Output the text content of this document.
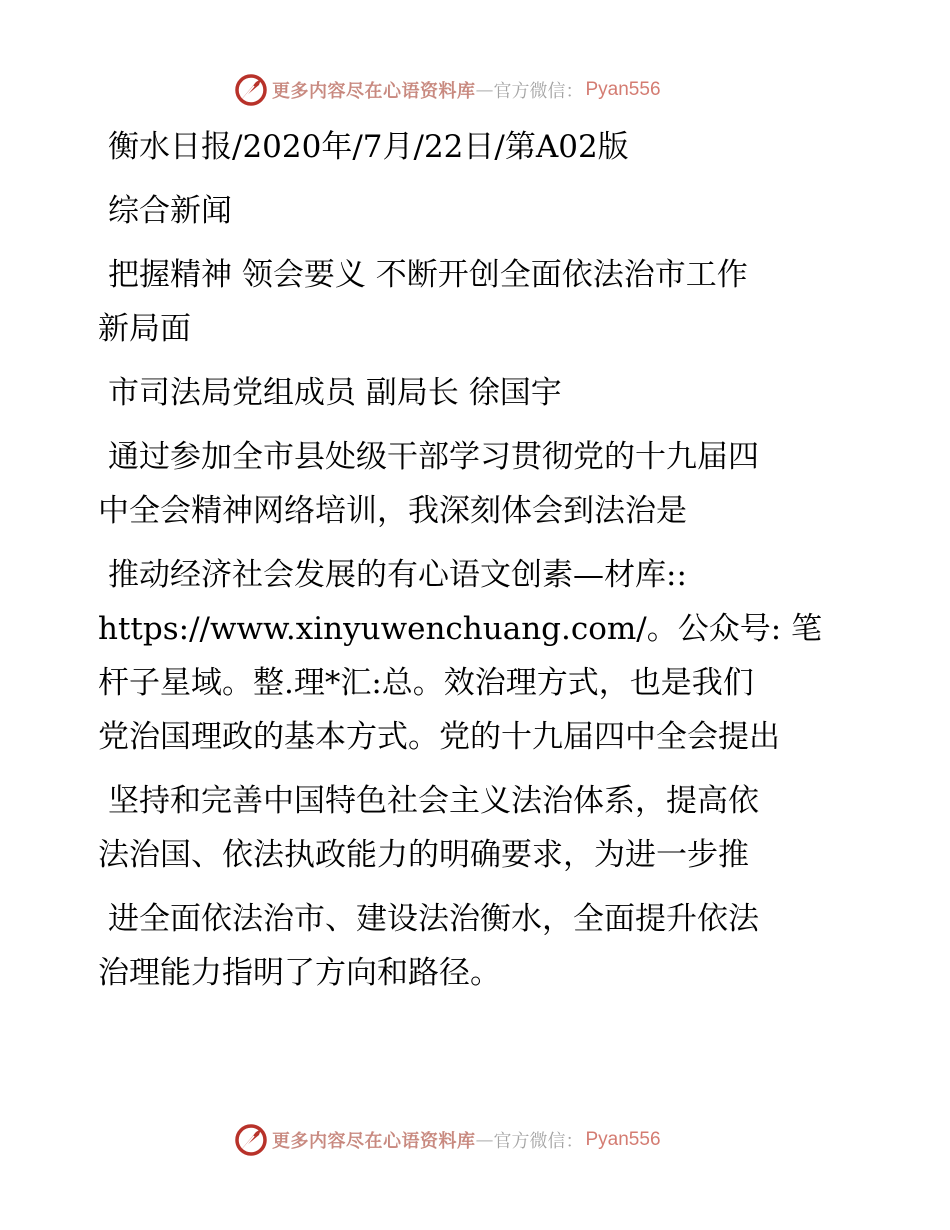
更多内容尽在心语资料库 — 官方微信： Pyan556
衡水日报/2020年/7月/22日/第A02版
综合新闻
把握精神 领会要义 不断开创全面依法治市工作
新局面
市司法局党组成员 副局长 徐国宇
通过参加全市县处级干部学习贯彻党的十九届四
中全会精神网络培训，我深刻体会到法治是
推动经济社会发展的有心语文创素—材库::
https://www.xinyuwenchuang.com/。公众号: 笔
杆子星域。整.理*汇:总。效治理方式，也是我们
党治国理政的基本方式。党的十九届四中全会提出
坚持和完善中国特色社会主义法治体系，提高依
法治国、依法执政能力的明确要求，为进一步推
进全面依法治市、建设法治衡水，全面提升依法
治理能力指明了方向和路径。
更多内容尽在心语资料库 — 官方微信： Pyan556
